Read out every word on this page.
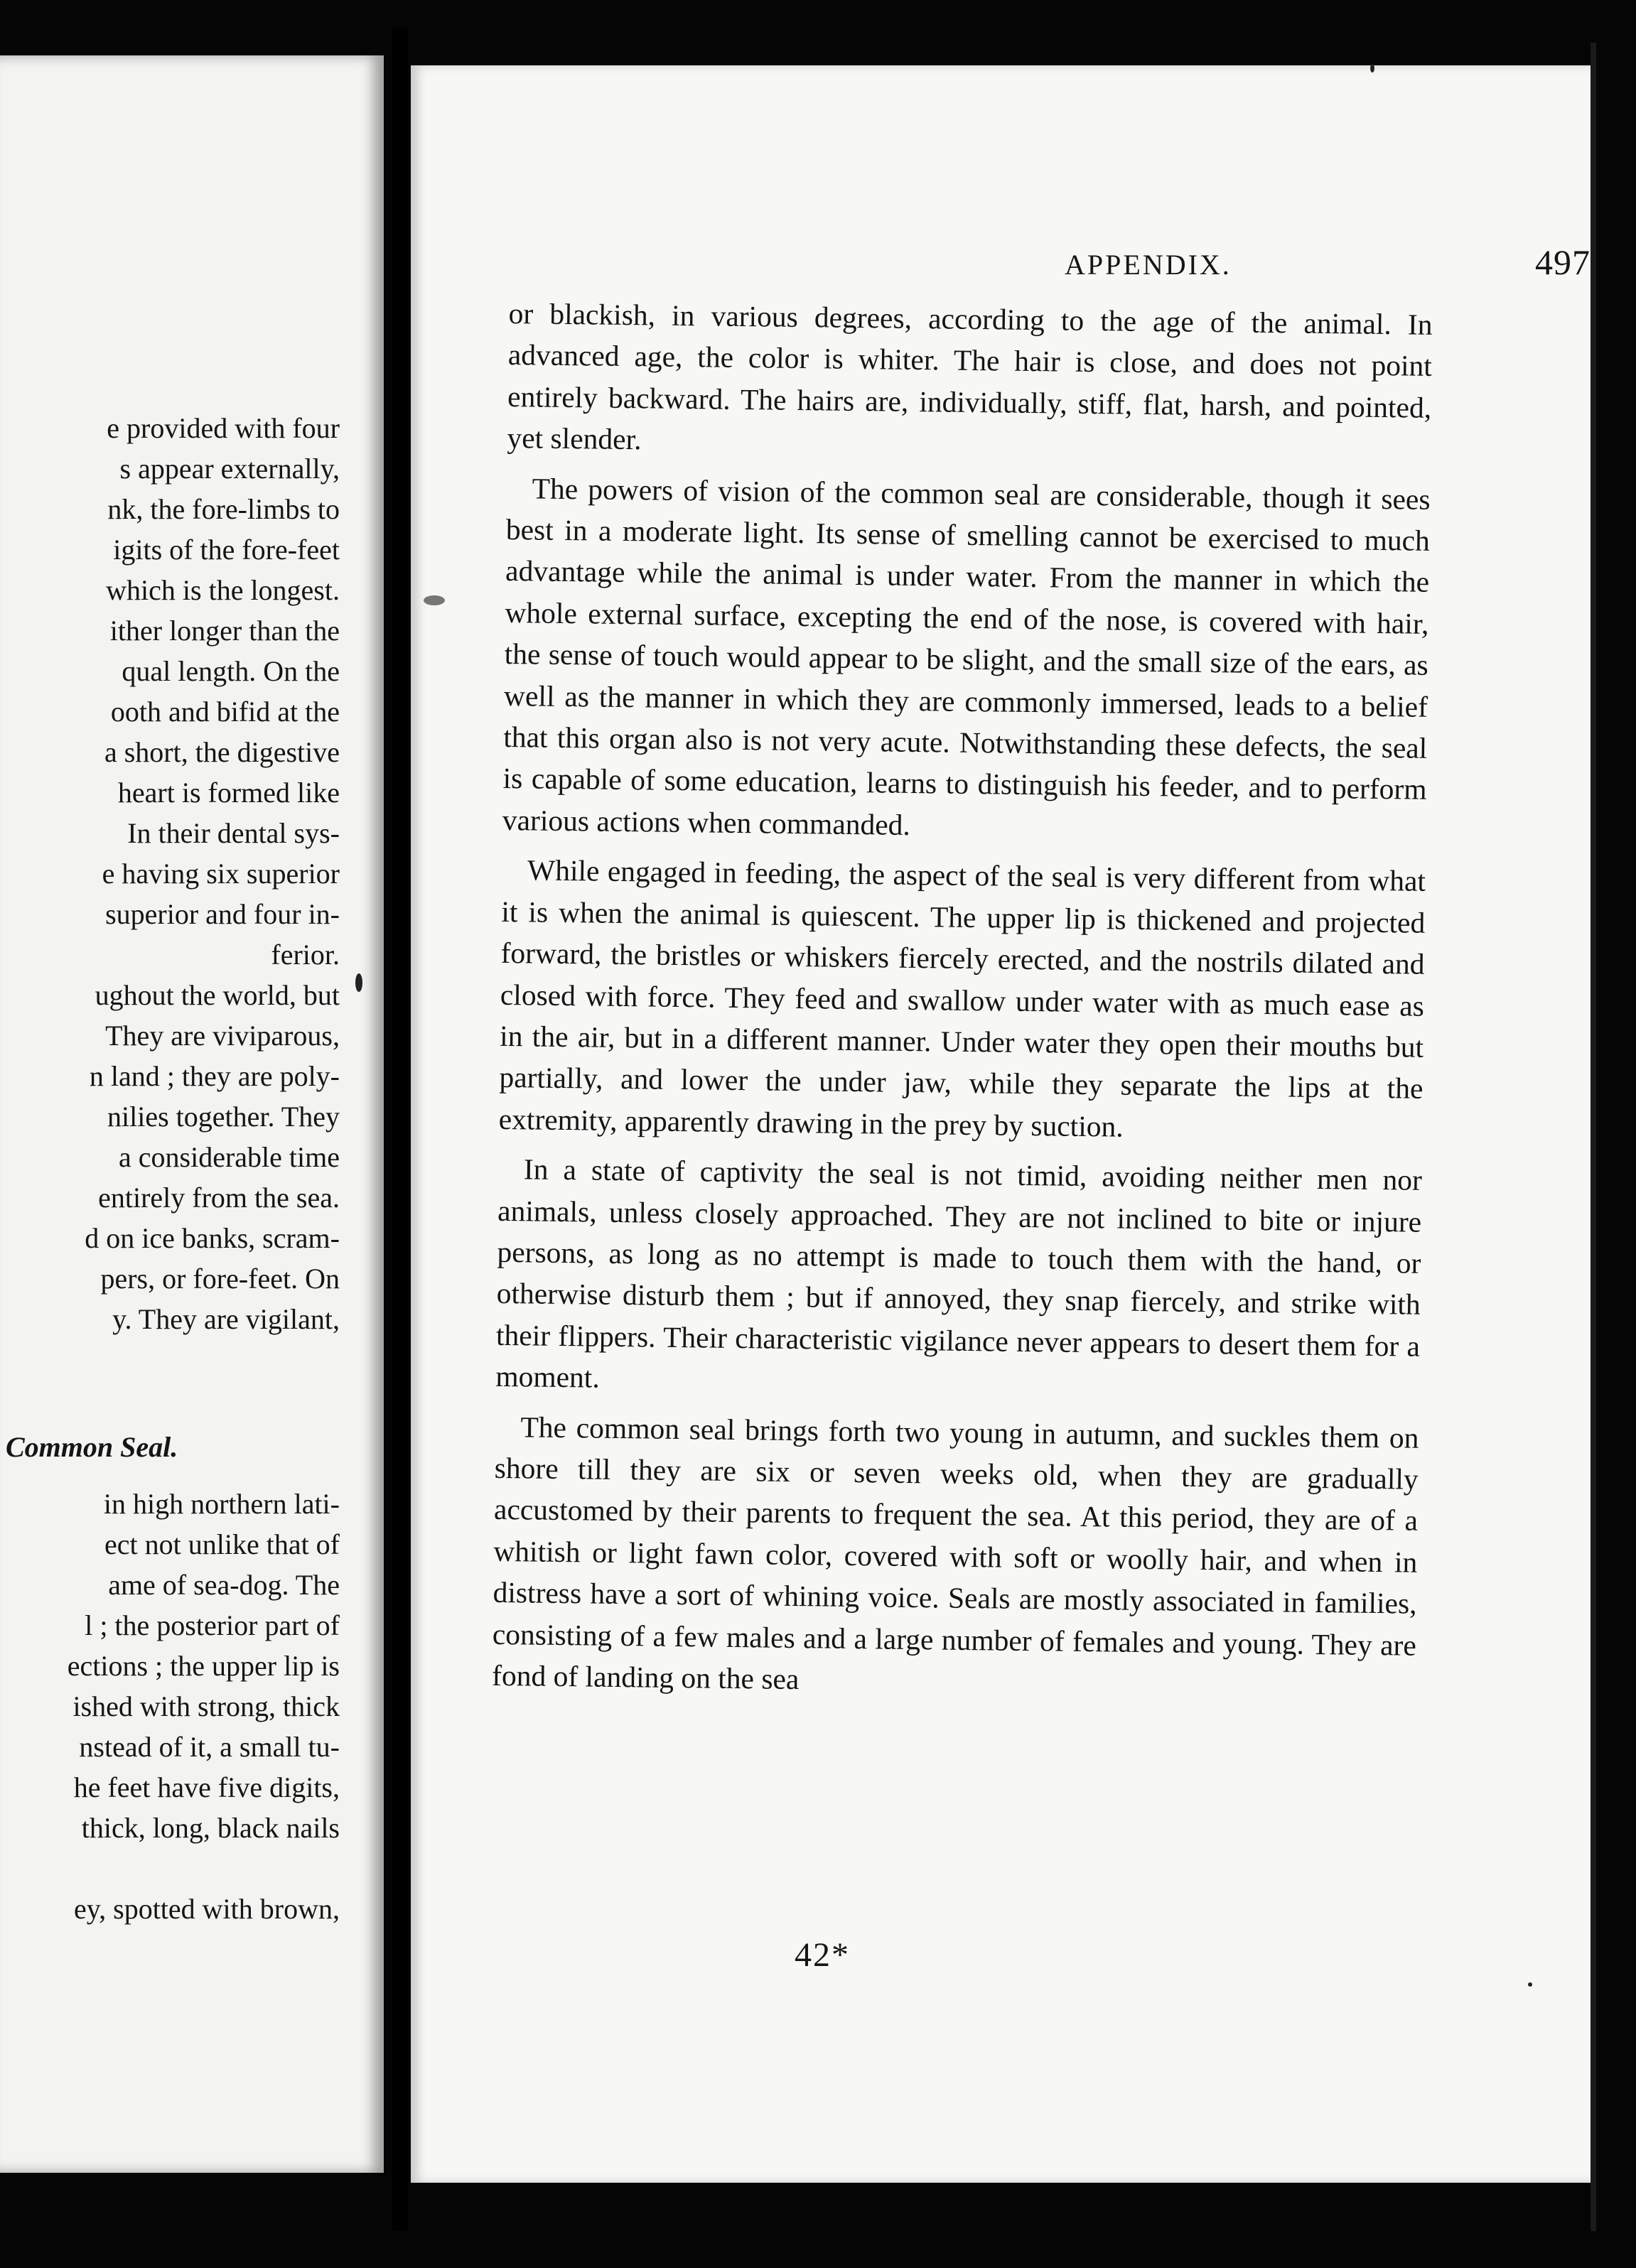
e provided with four
s appear externally,
nk, the fore-limbs to
igits of the fore-feet
which is the longest.
ither longer than the
qual length. On the
ooth and bifid at the
a short, the digestive
heart is formed like
In their dental sys-
e having six superior
superior and four in-
ferior.
ughout the world, but
They are viviparous,
n land ; they are poly-
nilies together. They
a considerable time
entirely from the sea.
d on ice banks, scram-
pers, or fore-feet. On
y. They are vigilant,
Common Seal.
in high northern lati-
ect not unlike that of
ame of sea-dog. The
l ; the posterior part of
ections ; the upper lip is
ished with strong, thick
nstead of it, a small tu-
he feet have five digits,
thick, long, black nails

ey, spotted with brown,
APPENDIX.	497

or blackish, in various degrees, according to the age of the animal. In advanced age, the color is whiter. The hair is close, and does not point entirely backward. The hairs are, individually, stiff, flat, harsh, and pointed, yet slender.

The powers of vision of the common seal are considerable, though it sees best in a moderate light. Its sense of smelling cannot be exercised to much advantage while the animal is under water. From the manner in which the whole external surface, excepting the end of the nose, is covered with hair, the sense of touch would appear to be slight, and the small size of the ears, as well as the manner in which they are commonly immersed, leads to a belief that this organ also is not very acute. Notwithstanding these defects, the seal is capable of some education, learns to distinguish his feeder, and to perform various actions when commanded.

While engaged in feeding, the aspect of the seal is very different from what it is when the animal is quiescent. The upper lip is thickened and projected forward, the bristles or whiskers fiercely erected, and the nostrils dilated and closed with force. They feed and swallow under water with as much ease as in the air, but in a different manner. Under water they open their mouths but partially, and lower the under jaw, while they separate the lips at the extremity, apparently drawing in the prey by suction.

In a state of captivity the seal is not timid, avoiding neither men nor animals, unless closely approached. They are not inclined to bite or injure persons, as long as no attempt is made to touch them with the hand, or otherwise disturb them ; but if annoyed, they snap fiercely, and strike with their flippers. Their characteristic vigilance never appears to desert them for a moment.

The common seal brings forth two young in autumn, and suckles them on shore till they are six or seven weeks old, when they are gradually accustomed by their parents to frequent the sea. At this period, they are of a whitish or light fawn color, covered with soft or woolly hair, and when in distress have a sort of whining voice. Seals are mostly associated in families, consisting of a few males and a large number of females and young. They are fond of landing on the sea

42*
